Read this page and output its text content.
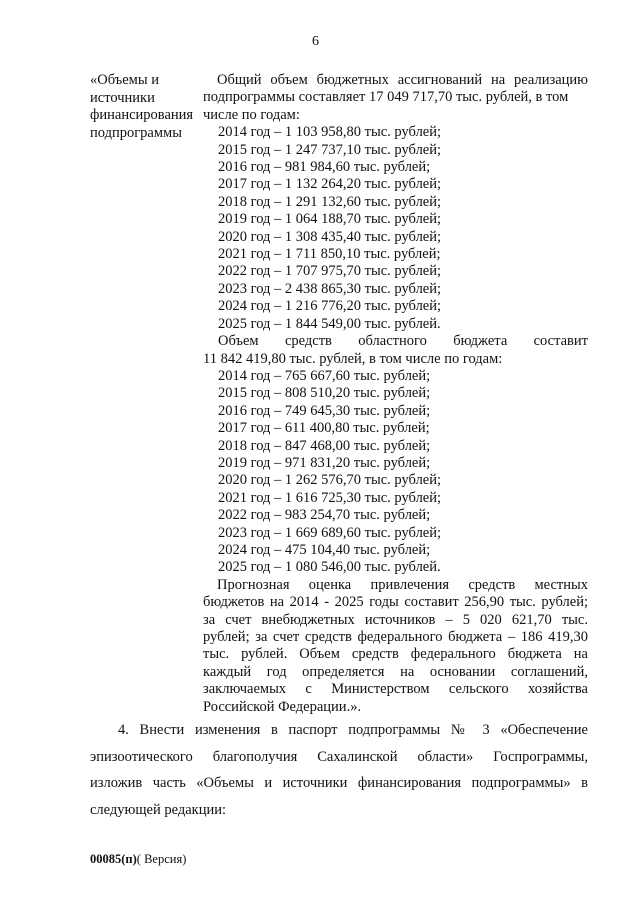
6
«Объемы и
источники
финансирования
подпрограммы
Общий объем бюджетных ассигнований на реализацию
подпрограммы составляет 17 049 717,70 тыс. рублей, в том
числе по годам:
2014 год – 1 103 958,80 тыс. рублей;
2015 год – 1 247 737,10 тыс. рублей;
2016 год – 981 984,60 тыс. рублей;
2017 год – 1 132 264,20 тыс. рублей;
2018 год – 1 291 132,60 тыс. рублей;
2019 год – 1 064 188,70 тыс. рублей;
2020 год – 1 308 435,40 тыс. рублей;
2021 год – 1 711 850,10 тыс. рублей;
2022 год – 1 707 975,70 тыс. рублей;
2023 год – 2 438 865,30 тыс. рублей;
2024 год – 1 216 776,20 тыс. рублей;
2025 год – 1 844 549,00 тыс. рублей.
Объем средств областного бюджета составит
11 842 419,80 тыс. рублей, в том числе по годам:
2014 год – 765 667,60 тыс. рублей;
2015 год – 808 510,20 тыс. рублей;
2016 год – 749 645,30 тыс. рублей;
2017 год – 611 400,80 тыс. рублей;
2018 год – 847 468,00 тыс. рублей;
2019 год – 971 831,20 тыс. рублей;
2020 год – 1 262 576,70 тыс. рублей;
2021 год – 1 616 725,30 тыс. рублей;
2022 год – 983 254,70 тыс. рублей;
2023 год – 1 669 689,60 тыс. рублей;
2024 год – 475 104,40 тыс. рублей;
2025 год – 1 080 546,00 тыс. рублей.
Прогнозная оценка привлечения средств местных
бюджетов на 2014 - 2025 годы составит 256,90 тыс. рублей;
за счет внебюджетных источников – 5 020 621,70 тыс.
рублей; за счет средств федерального бюджета – 186 419,30
тыс. рублей. Объем средств федерального бюджета на
каждый год определяется на основании соглашений,
заключаемых с Министерством сельского хозяйства
Российской Федерации.».
4. Внести изменения в паспорт подпрограммы № 3 «Обеспечение
эпизоотического благополучия Сахалинской области» Госпрограммы,
изложив часть «Объемы и источники финансирования подпрограммы» в
следующей редакции:
00085(п)( Версия)
